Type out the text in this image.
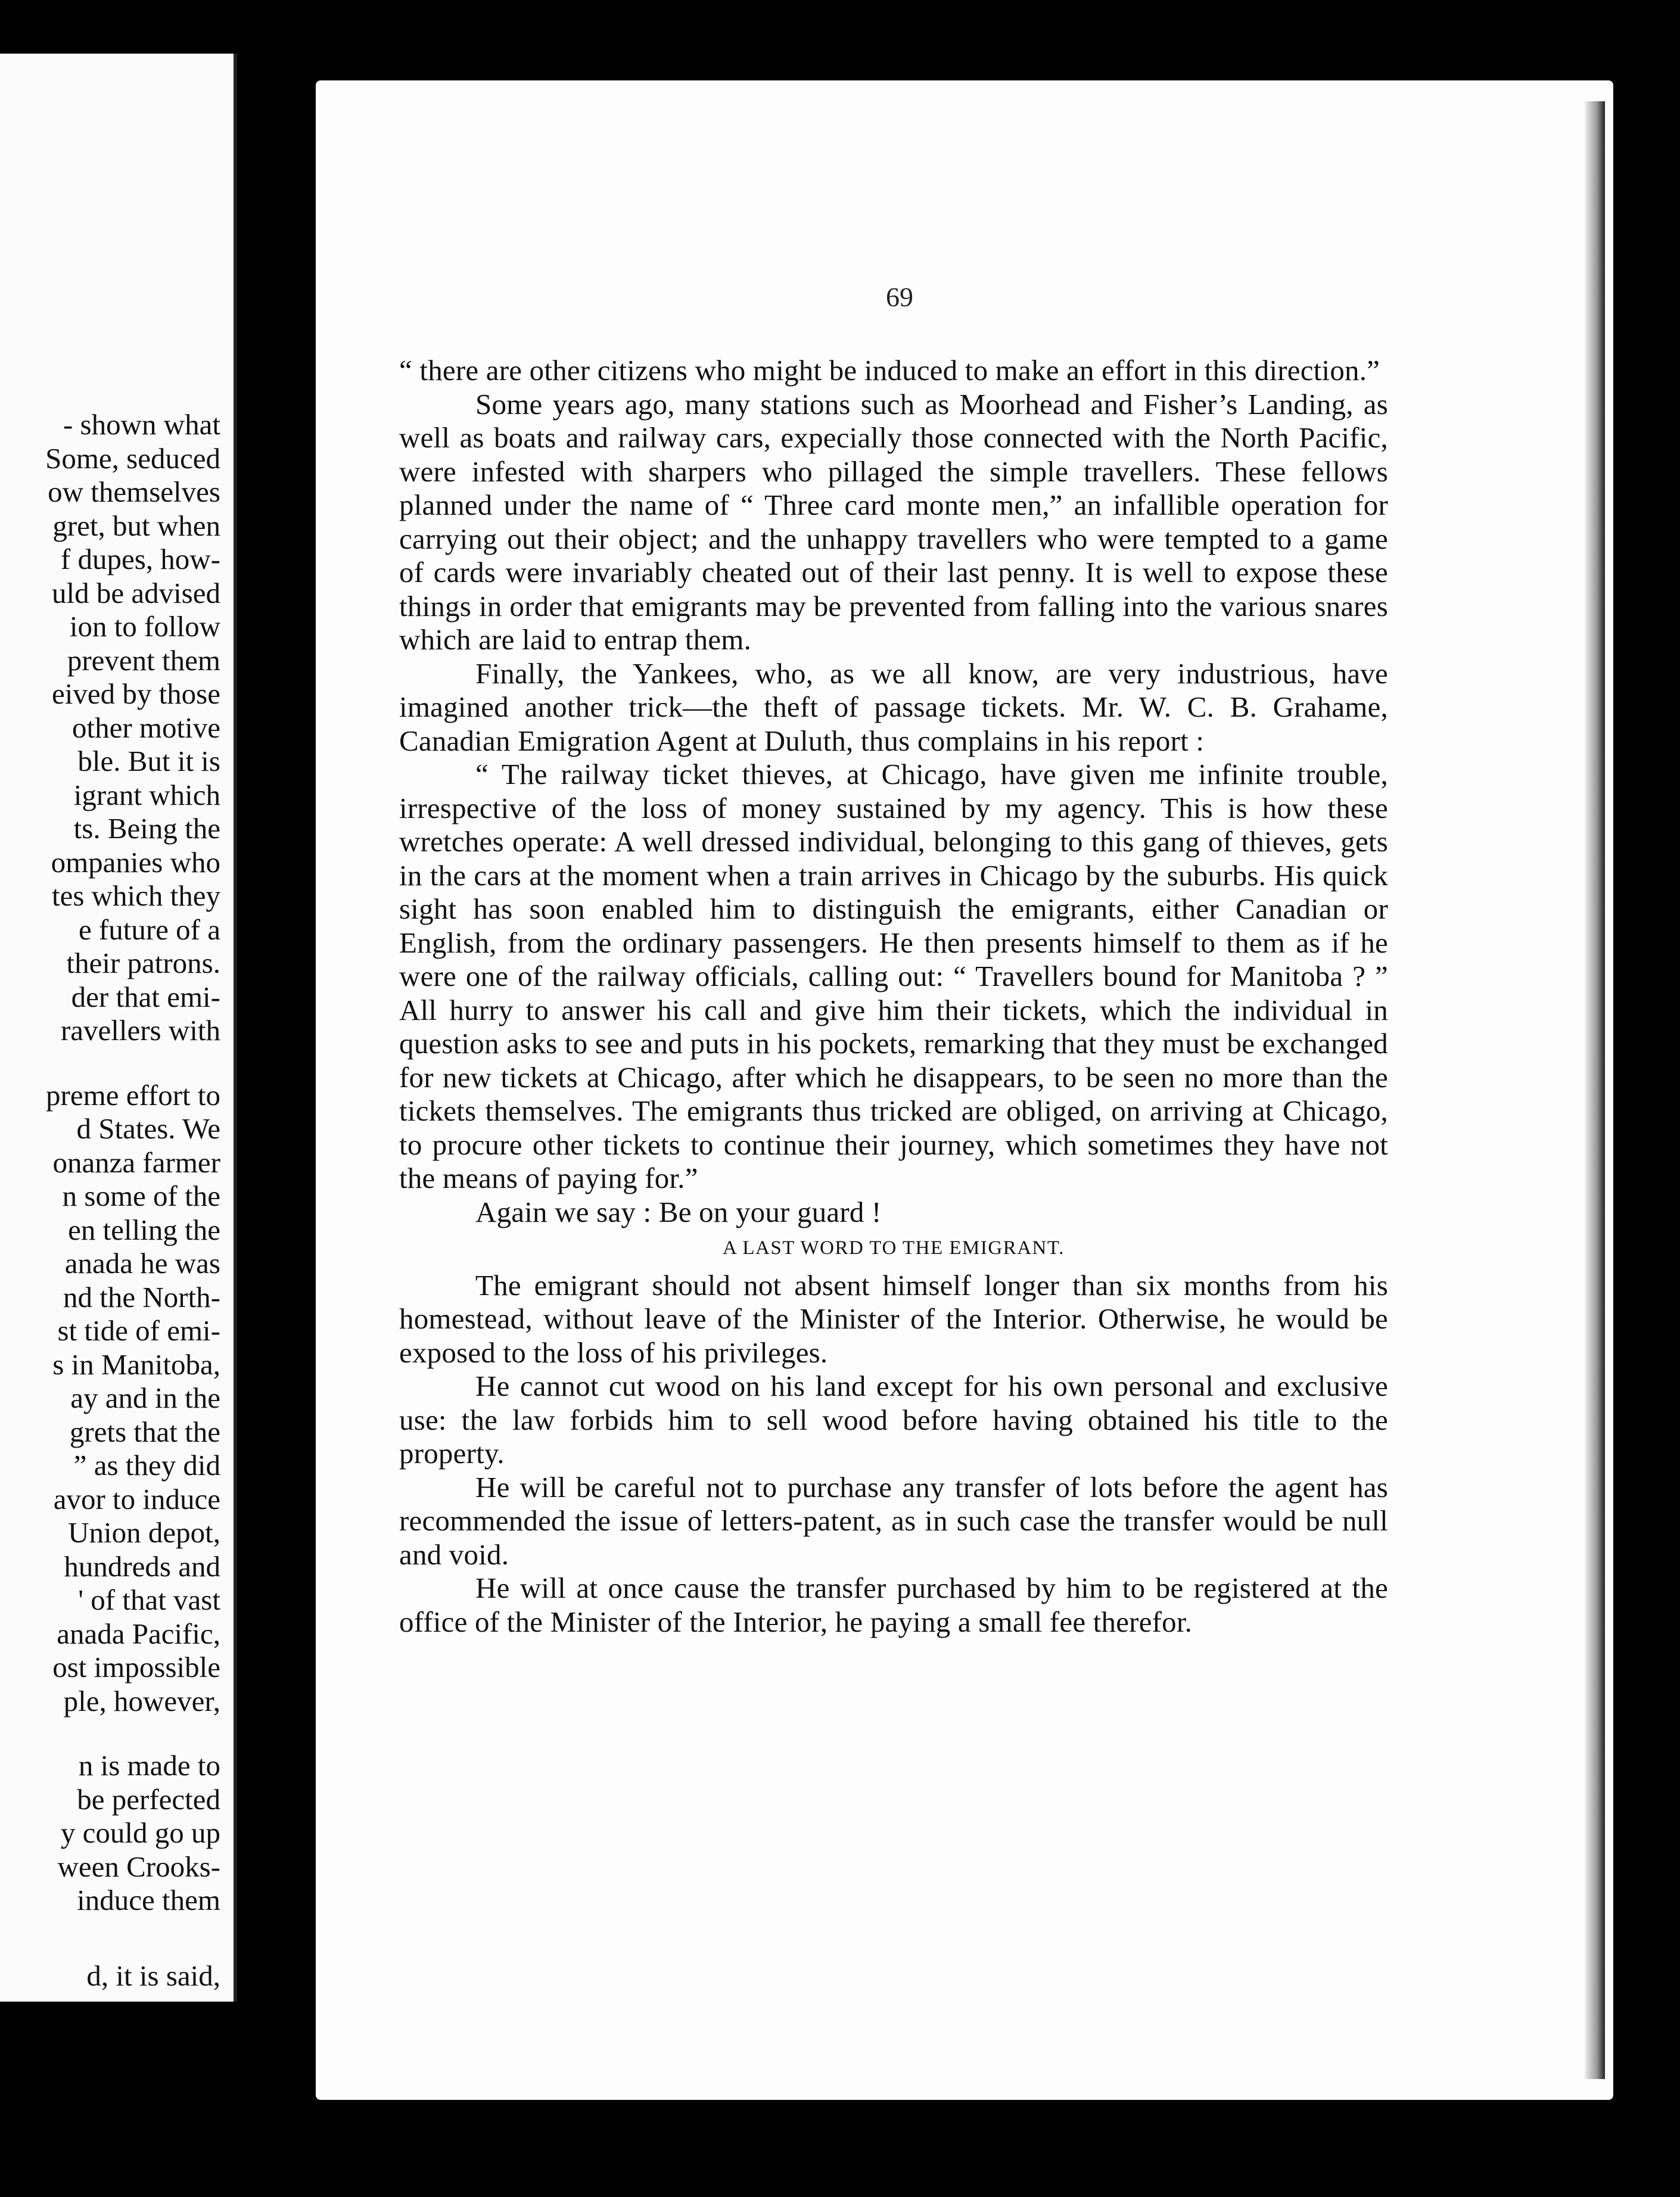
- shown what
Some, seduced
ow themselves
gret, but when
f dupes, how-
uld be advised
ion to follow
prevent them
eived by those
other motive
ble. But it is
igrant which
ts. Being the
ompanies who
tes which they
e future of a
their patrons.
der that emi-
ravellers with
preme effort to
d States. We
onanza farmer
n some of the
en telling the
anada he was
nd the North-
st tide of emi-
s in Manitoba,
ay and in the
grets that the
” as they did
avor to induce
Union depot,
hundreds and
' of that vast
anada Pacific,
ost impossible
ple, however,
n is made to
be perfected
y could go up
ween Crooks-
induce them
d, it is said,
69

“ there are other citizens who might be induced to make an effort in this direction.”

Some years ago, many stations such as Moorhead and Fisher’s Landing, as well as boats and railway cars, expecially those connected with the North Pacific, were infested with sharpers who pillaged the simple travellers. These fellows planned under the name of “ Three card monte men,” an infallible operation for carrying out their object; and the unhappy travellers who were tempted to a game of cards were invariably cheated out of their last penny. It is well to expose these things in order that emigrants may be prevented from falling into the various snares which are laid to entrap them.

Finally, the Yankees, who, as we all know, are very industrious, have imagined another trick—the theft of passage tickets. Mr. W. C. B. Grahame, Canadian Emigration Agent at Duluth, thus complains in his report :

“ The railway ticket thieves, at Chicago, have given me infinite trouble, irrespective of the loss of money sustained by my agency. This is how these wretches operate: A well dressed individual, belonging to this gang of thieves, gets in the cars at the moment when a train arrives in Chicago by the suburbs. His quick sight has soon enabled him to distinguish the emigrants, either Canadian or English, from the ordinary passengers. He then presents himself to them as if he were one of the railway officials, calling out: “ Travellers bound for Manitoba ? ” All hurry to answer his call and give him their tickets, which the individual in question asks to see and puts in his pockets, remarking that they must be exchanged for new tickets at Chicago, after which he disappears, to be seen no more than the tickets themselves. The emigrants thus tricked are obliged, on arriving at Chicago, to procure other tickets to continue their journey, which sometimes they have not the means of paying for.”

Again we say : Be on your guard !

A LAST WORD TO THE EMIGRANT.

The emigrant should not absent himself longer than six months from his homestead, without leave of the Minister of the Interior. Otherwise, he would be exposed to the loss of his privileges.

He cannot cut wood on his land except for his own personal and exclusive use: the law forbids him to sell wood before having obtained his title to the property.

He will be careful not to purchase any transfer of lots before the agent has recommended the issue of letters-patent, as in such case the transfer would be null and void.

He will at once cause the transfer purchased by him to be registered at the office of the Minister of the Interior, he paying a small fee therefor.
